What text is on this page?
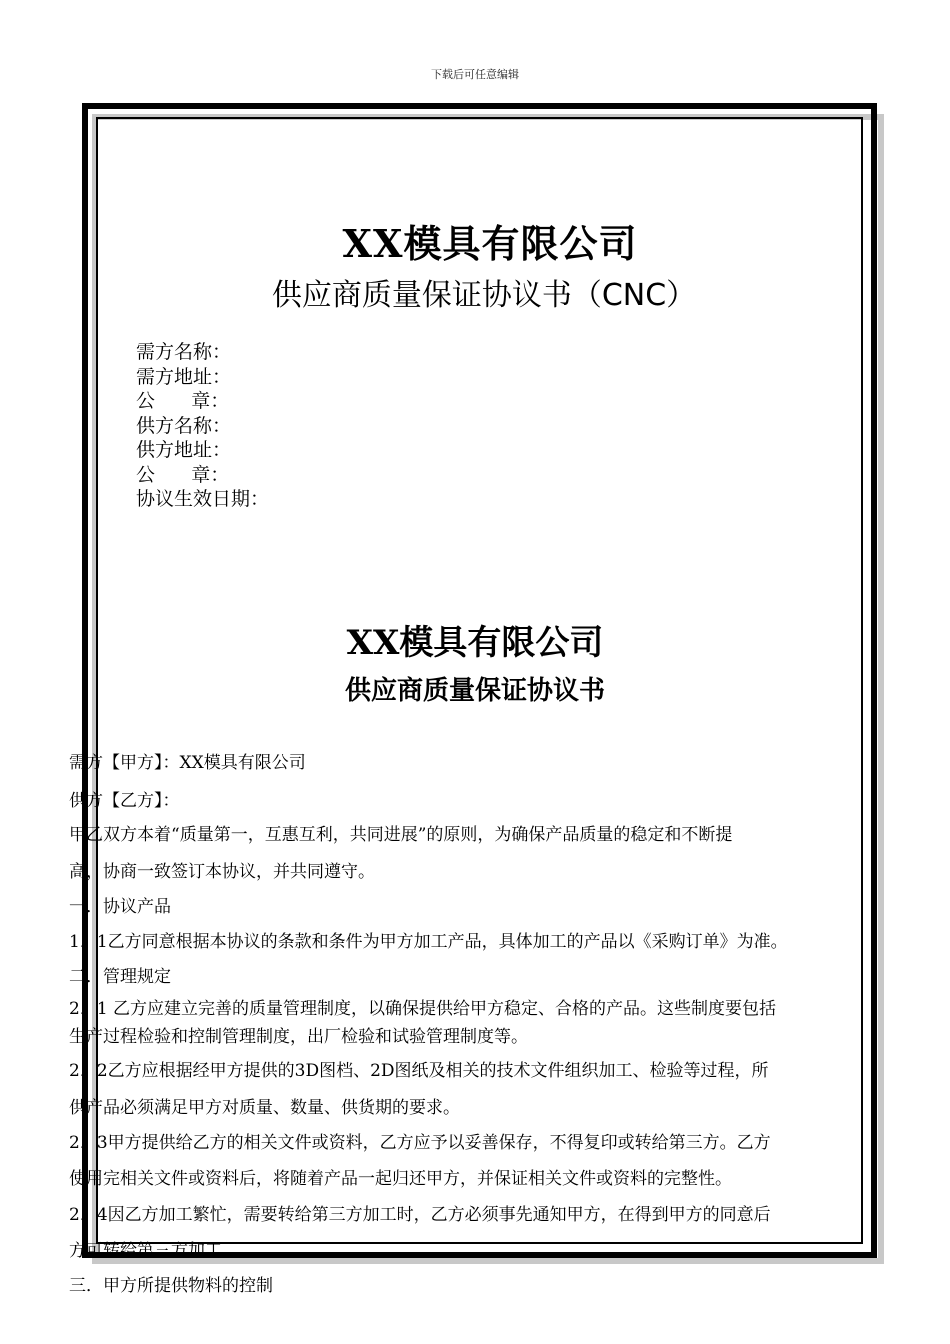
下载后可任意编辑
XX模具有限公司
供应商质量保证协议书（CNC）
需方名称：
需方地址：
公      章：
供方名称：
供方地址：
公      章：
协议生效日期：
XX模具有限公司
供应商质量保证协议书
需方【甲方】：XX模具有限公司
供方【乙方】：
甲乙双方本着“质量第一，互惠互利，共同进展”的原则，为确保产品质量的稳定和不断提
高，协商一致签订本协议，并共同遵守。
一．协议产品
1．1乙方同意根据本协议的条款和条件为甲方加工产品，具体加工的产品以《采购订单》为准。
二．管理规定
2．1 乙方应建立完善的质量管理制度，以确保提供给甲方稳定、合格的产品。这些制度要包括
生产过程检验和控制管理制度，出厂检验和试验管理制度等。
2．2乙方应根据经甲方提供的3D图档、2D图纸及相关的技术文件组织加工、检验等过程，所
供产品必须满足甲方对质量、数量、供货期的要求。
2．3甲方提供给乙方的相关文件或资料，乙方应予以妥善保存，不得复印或转给第三方。乙方
使用完相关文件或资料后，将随着产品一起归还甲方，并保证相关文件或资料的完整性。
2．4因乙方加工繁忙，需要转给第三方加工时，乙方必须事先通知甲方，在得到甲方的同意后
方可转给第三方加工。
三．甲方所提供物料的控制
